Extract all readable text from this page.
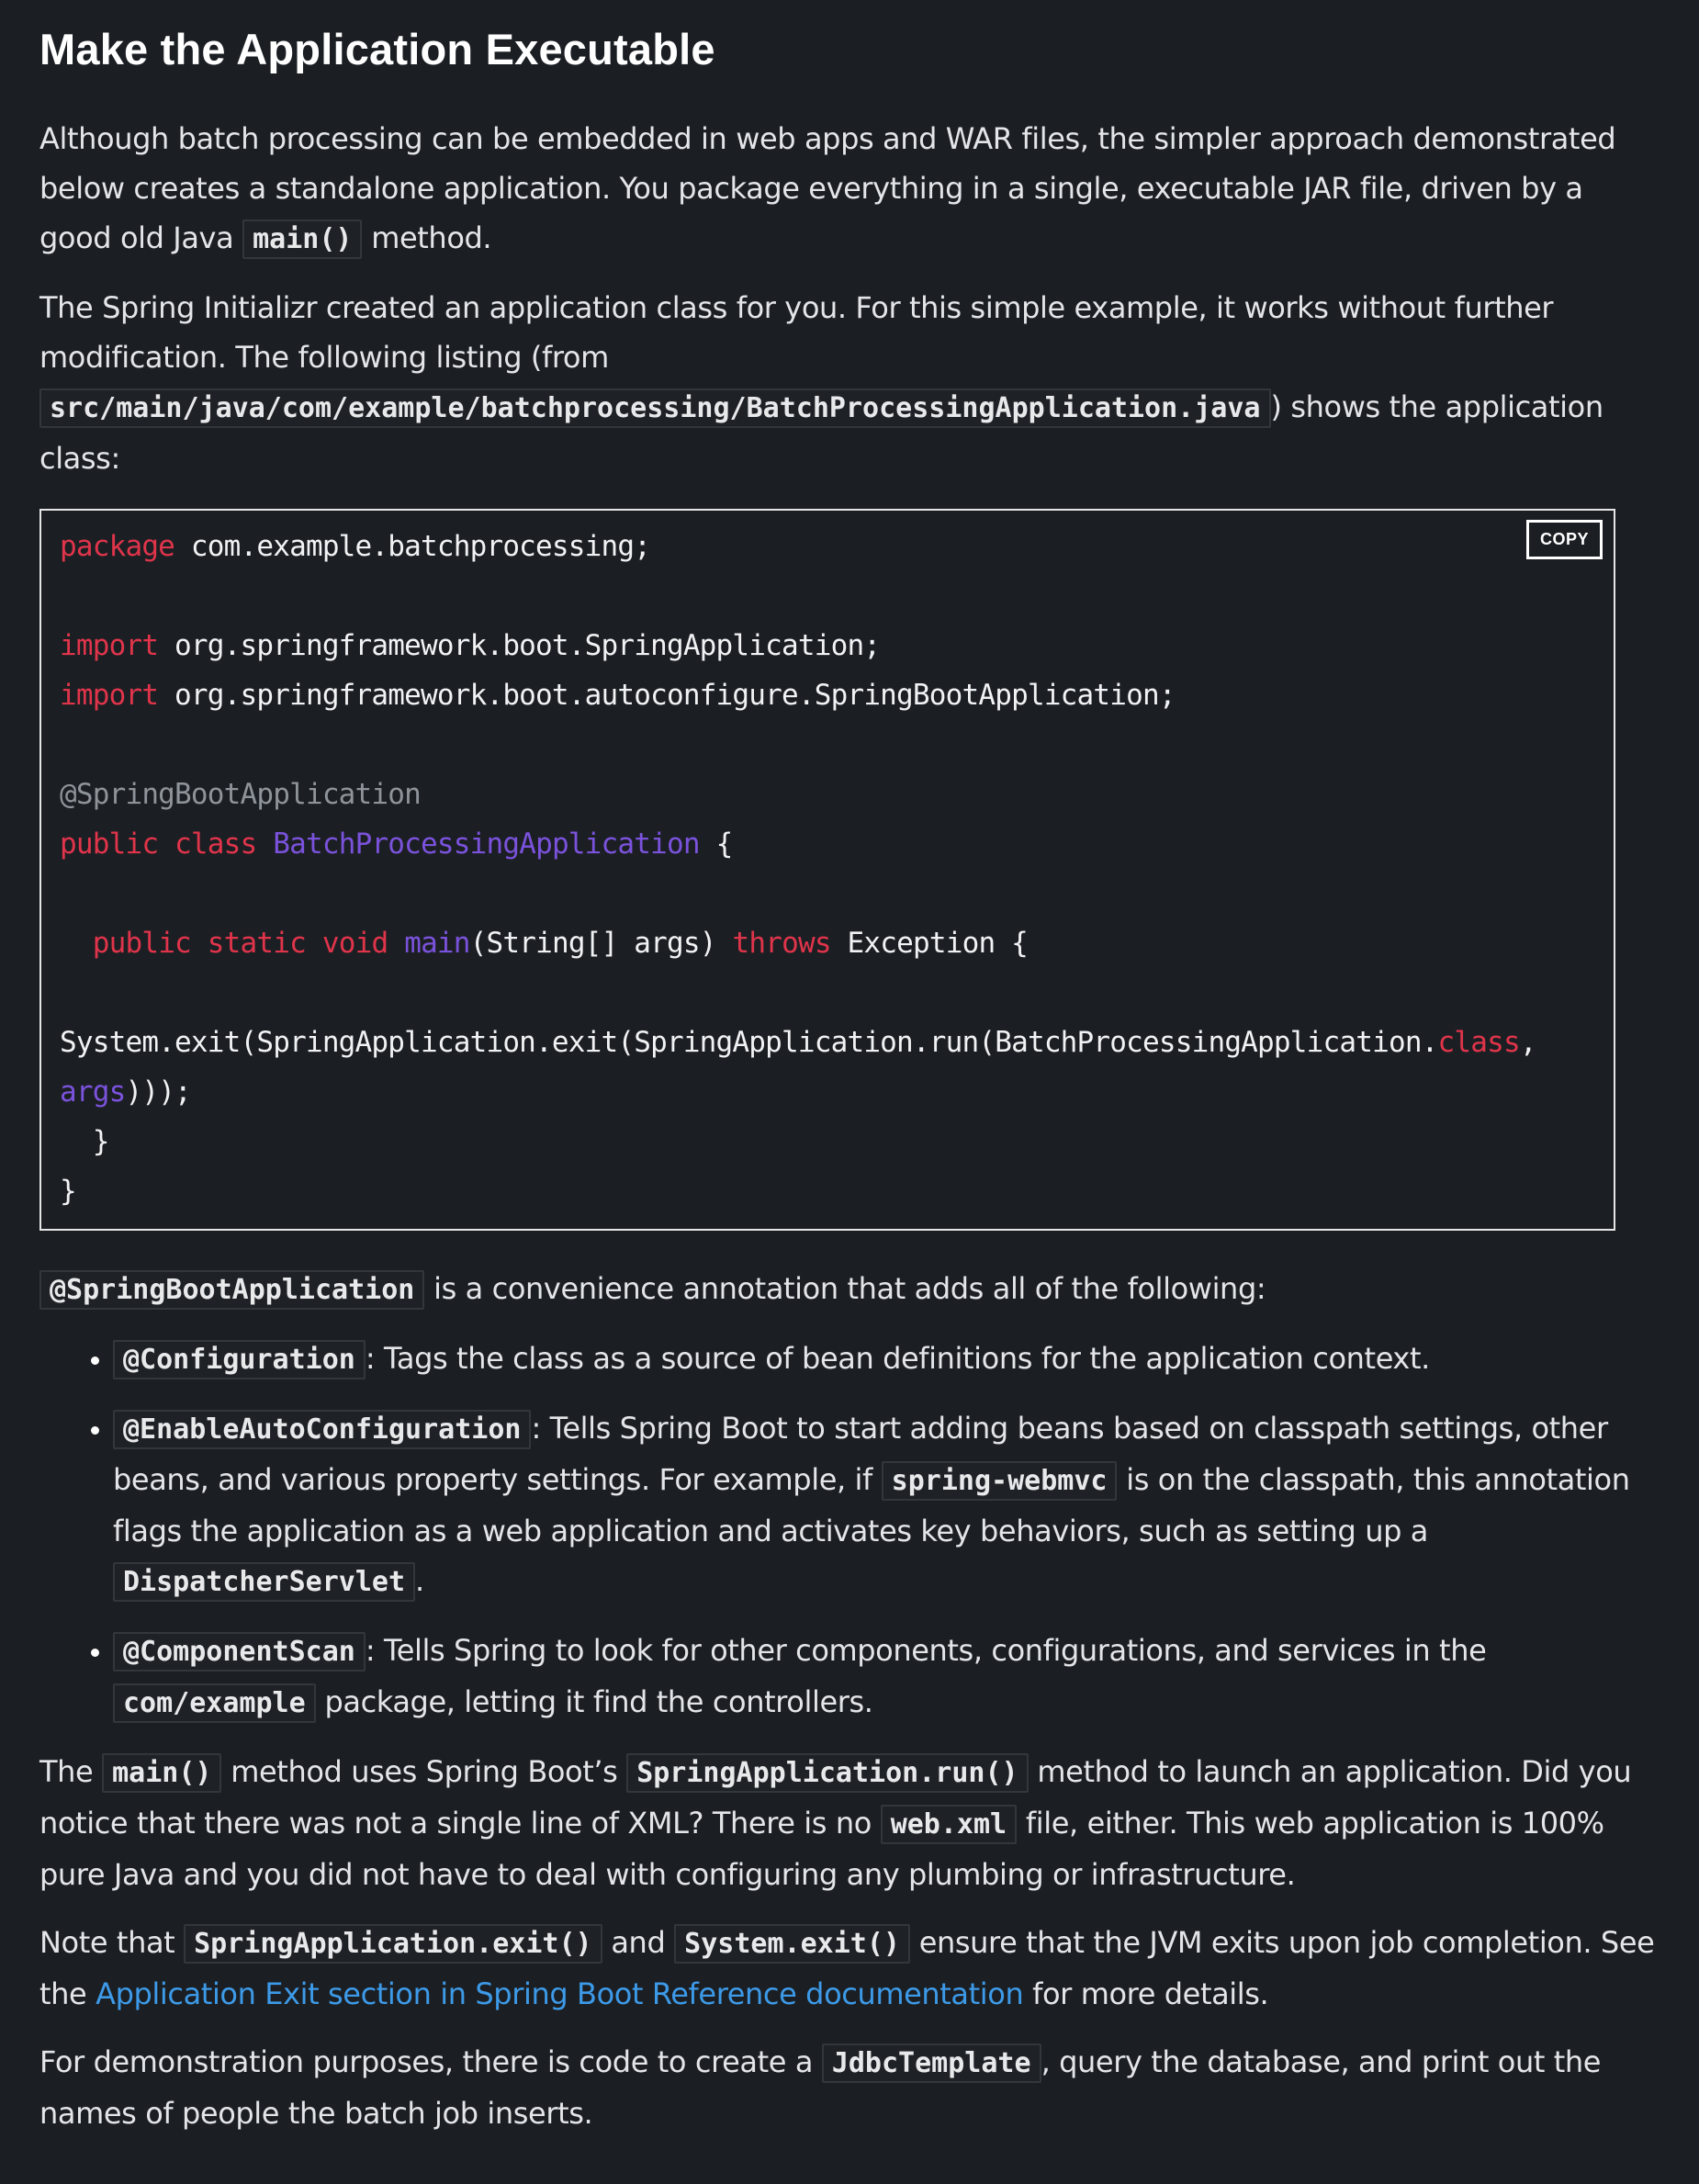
Make the Application Executable

Although batch processing can be embedded in web apps and WAR files, the simpler approach demonstrated below creates a standalone application. You package everything in a single, executable JAR file, driven by a good old Java main() method.

The Spring Initializr created an application class for you. For this simple example, it works without further modification. The following listing (from src/main/java/com/example/batchprocessing/BatchProcessingApplication.java ) shows the application class:

COPY
package com.example.batchprocessing;

import org.springframework.boot.SpringApplication;
import org.springframework.boot.autoconfigure.SpringBootApplication;

@SpringBootApplication
public class BatchProcessingApplication {

public static void main(String[] args) throws Exception {

System.exit(SpringApplication.exit(SpringApplication.run(BatchProcessingApplication.class,
args)));
}
}

@SpringBootApplication is a convenience annotation that adds all of the following:

• @Configuration : Tags the class as a source of bean definitions for the application context.
• @EnableAutoConfiguration : Tells Spring Boot to start adding beans based on classpath settings, other beans, and various property settings. For example, if spring-webmvc is on the classpath, this annotation flags the application as a web application and activates key behaviors, such as setting up a DispatcherServlet .
• @ComponentScan : Tells Spring to look for other components, configurations, and services in the com/example package, letting it find the controllers.

The main() method uses Spring Boot’s SpringApplication.run() method to launch an application. Did you notice that there was not a single line of XML? There is no web.xml file, either. This web application is 100% pure Java and you did not have to deal with configuring any plumbing or infrastructure.

Note that SpringApplication.exit() and System.exit() ensure that the JVM exits upon job completion. See the Application Exit section in Spring Boot Reference documentation for more details.

For demonstration purposes, there is code to create a JdbcTemplate , query the database, and print out the names of people the batch job inserts.
